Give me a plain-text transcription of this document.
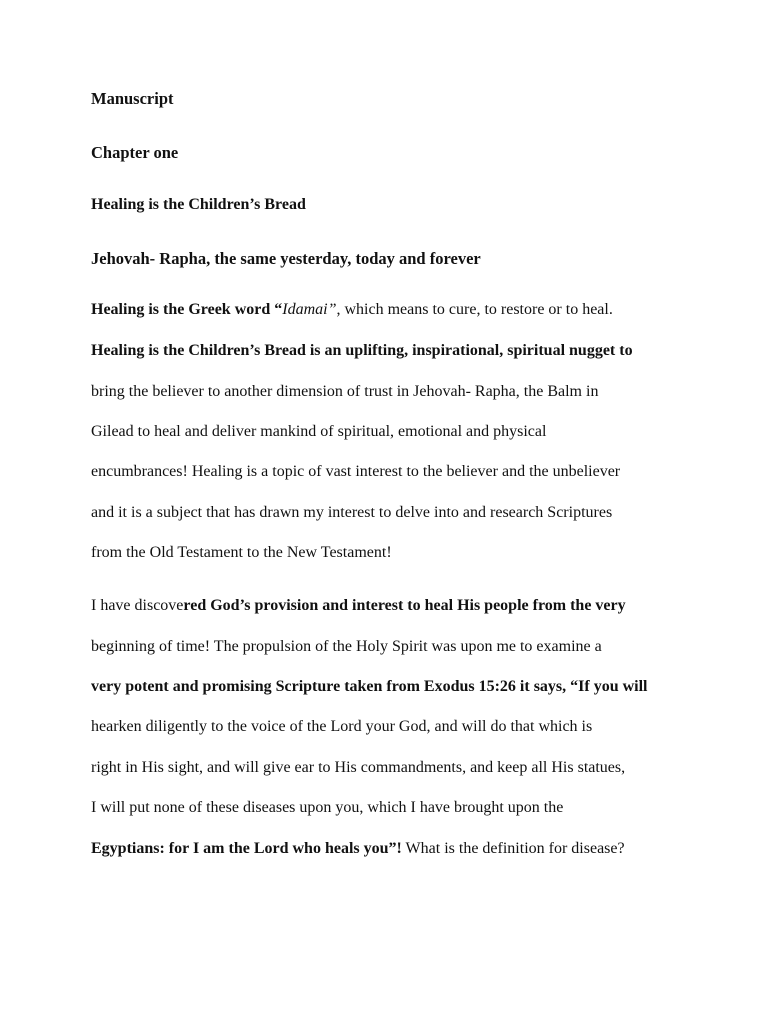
Manuscript
Chapter one
Healing is the Children’s Bread
Jehovah- Rapha, the same yesterday, today and forever

Healing is the Greek word “Idamai”, which means to cure, to restore or to heal.

Healing is the Children’s Bread is an uplifting, inspirational, spiritual nugget to

bring the believer to another dimension of trust in Jehovah- Rapha, the Balm in

Gilead to heal and deliver mankind of spiritual, emotional and physical

encumbrances! Healing is a topic of vast interest to the believer and the unbeliever

and it is a subject that has drawn my interest to delve into and research Scriptures

from the Old Testament to the New Testament!

I have discovered God’s provision and interest to heal His people from the very

beginning of time! The propulsion of the Holy Spirit was upon me to examine a

very potent and promising Scripture taken from Exodus 15:26 it says, “If you will

hearken diligently to the voice of the Lord your God, and will do that which is

right in His sight, and will give ear to His commandments, and keep all His statues,

I will put none of these diseases upon you, which I have brought upon the

Egyptians: for I am the Lord who heals you”! What is the definition for disease?
